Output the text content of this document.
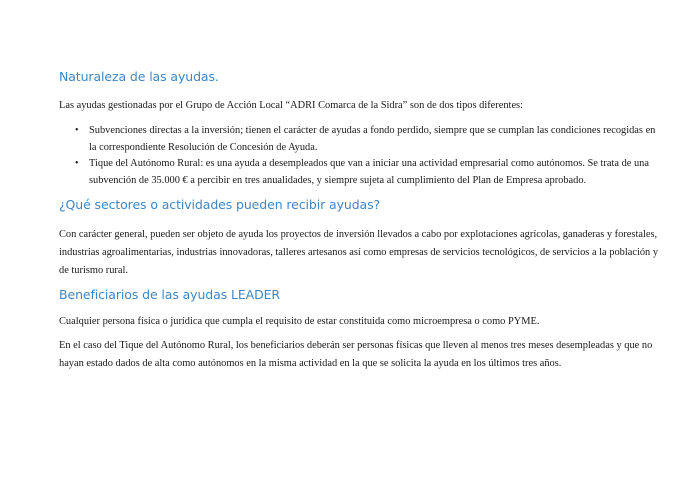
Naturaleza de las ayudas.
Las ayudas gestionadas por el Grupo de Acción Local “ADRI Comarca de la Sidra” son de dos tipos diferentes:
• Subvenciones directas a la inversión; tienen el carácter de ayudas a fondo perdido, siempre que se cumplan las condiciones recogidas en
la correspondiente Resolución de Concesión de Ayuda.
• Tique del Autónomo Rural: es una ayuda a desempleados que van a iniciar una actividad empresarial como autónomos. Se trata de una
subvención de 35.000 € a percibir en tres anualidades, y siempre sujeta al cumplimiento del Plan de Empresa aprobado.
¿Qué sectores o actividades pueden recibir ayudas?
Con carácter general, pueden ser objeto de ayuda los proyectos de inversión llevados a cabo por explotaciones agrícolas, ganaderas y forestales,
industrias agroalimentarias, industrias innovadoras, talleres artesanos así como empresas de servicios tecnológicos, de servicios a la población y
de turismo rural.
Beneficiarios de las ayudas LEADER
Cualquier persona física o jurídica que cumpla el requisito de estar constituida como microempresa o como PYME.
En el caso del Tique del Autónomo Rural, los beneficiarios deberán ser personas físicas que lleven al menos tres meses desempleadas y que no
hayan estado dados de alta como autónomos en la misma actividad en la que se solicita la ayuda en los últimos tres años.
